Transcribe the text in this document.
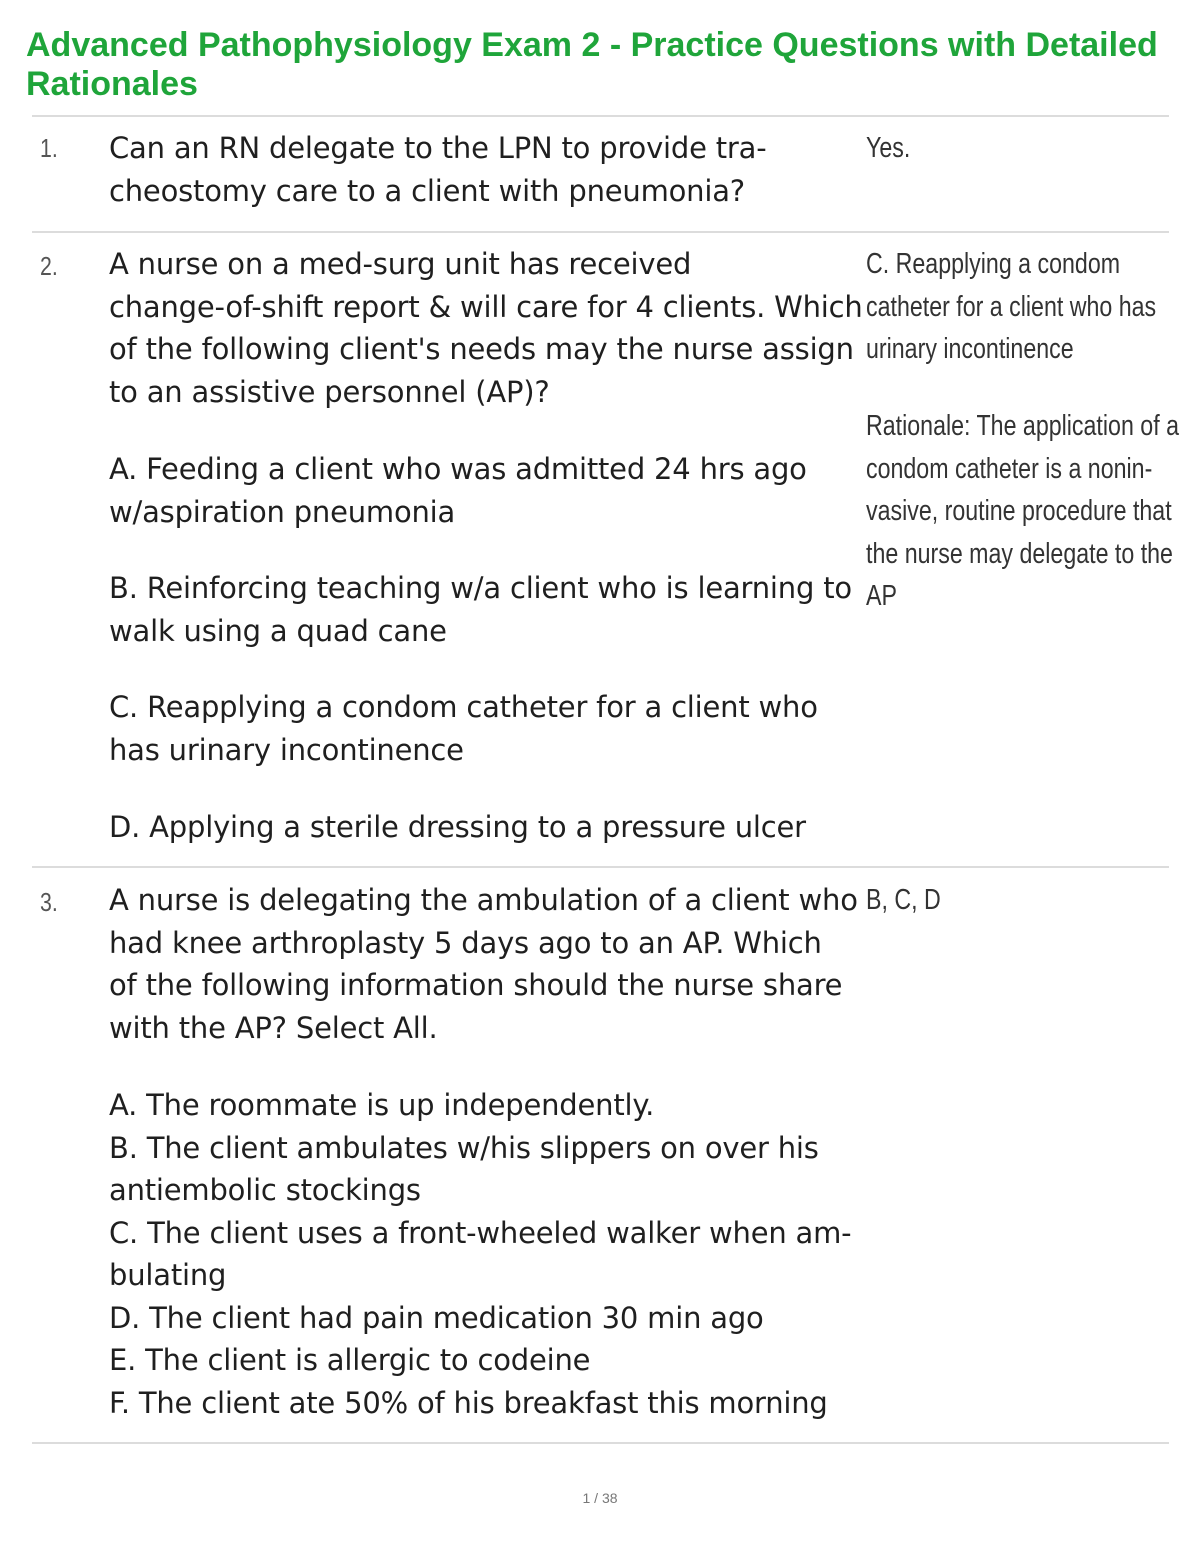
Advanced Pathophysiology Exam 2 - Practice Questions with Detailed
Rationales
1. Can an RN delegate to the LPN to provide tra-
cheostomy care to a client with pneumonia?
Yes.
2. A nurse on a med-surg unit has received
change-of-shift report & will care for 4 clients. Which
of the following client's needs may the nurse assign
to an assistive personnel (AP)?
A. Feeding a client who was admitted 24 hrs ago
w/aspiration pneumonia
B. Reinforcing teaching w/a client who is learning to
walk using a quad cane
C. Reapplying a condom catheter for a client who
has urinary incontinence
D. Applying a sterile dressing to a pressure ulcer
C. Reapplying a condom
catheter for a client who has
urinary incontinence
Rationale: The application of a
condom catheter is a nonin-
vasive, routine procedure that
the nurse may delegate to the
AP
3. A nurse is delegating the ambulation of a client who
had knee arthroplasty 5 days ago to an AP. Which
of the following information should the nurse share
with the AP? Select All.
A. The roommate is up independently.
B. The client ambulates w/his slippers on over his
antiembolic stockings
C. The client uses a front-wheeled walker when am-
bulating
D. The client had pain medication 30 min ago
E. The client is allergic to codeine
F. The client ate 50% of his breakfast this morning
B, C, D
1 / 38
